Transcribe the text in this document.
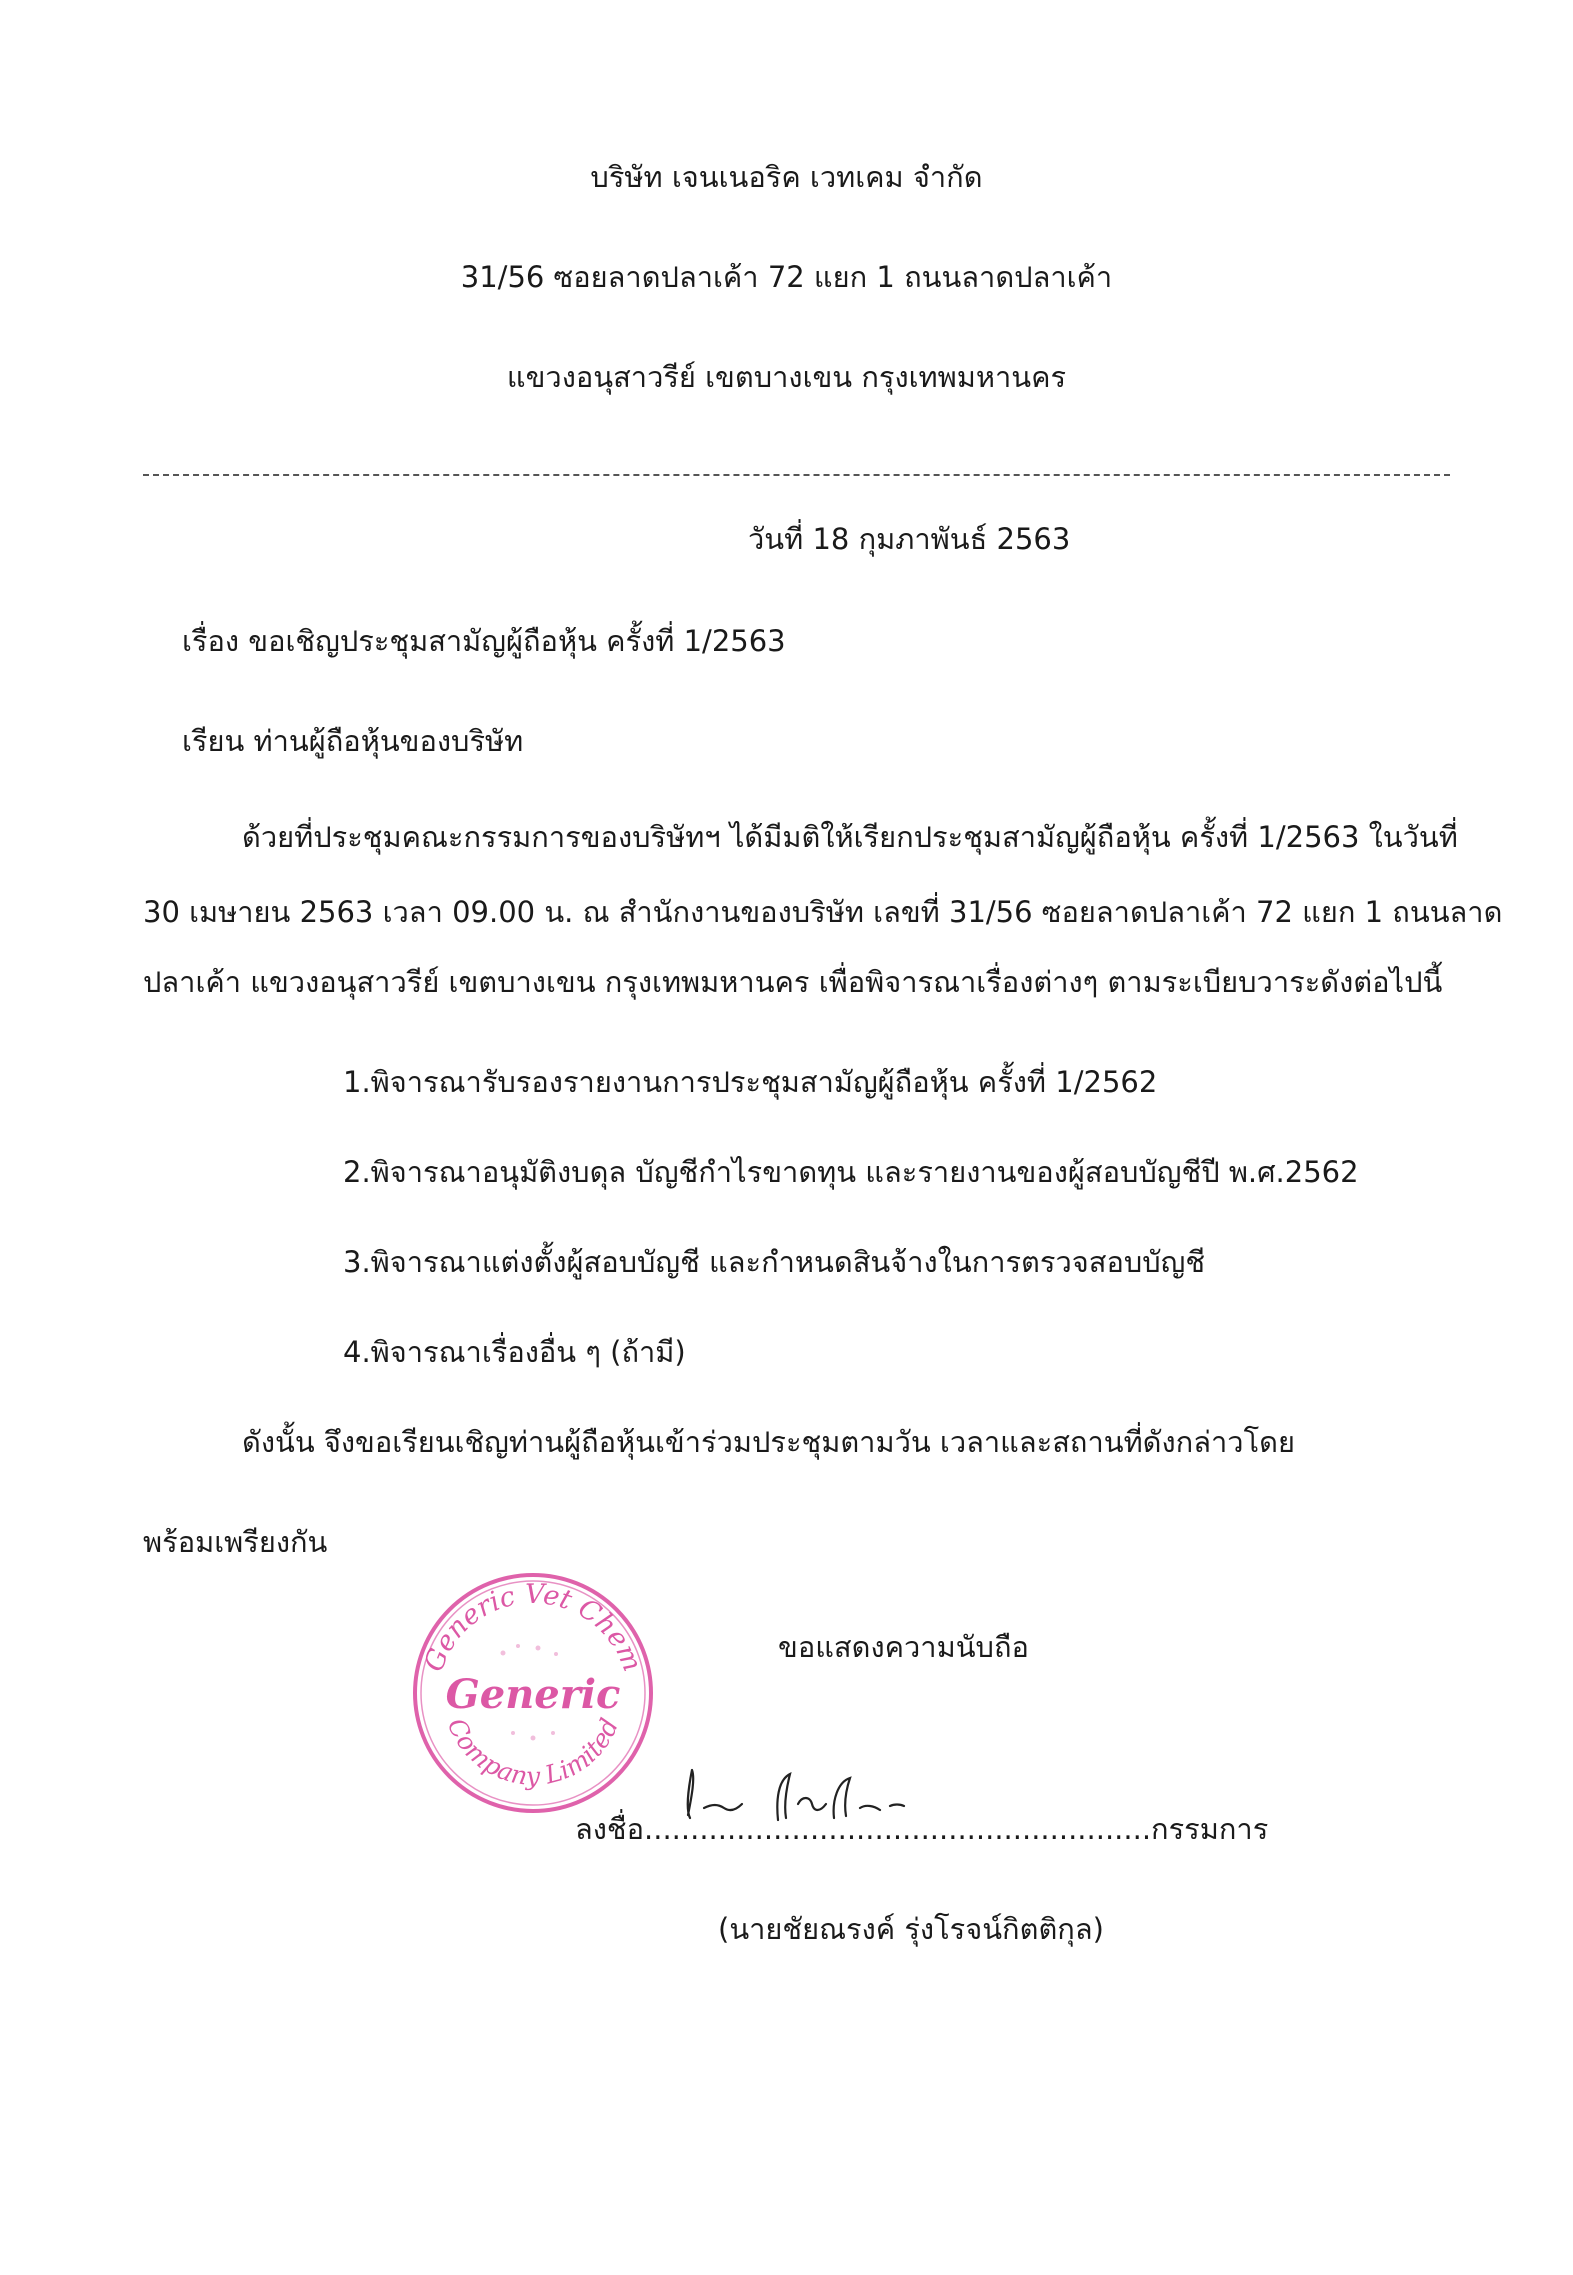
บริษัท เจนเนอริค เวทเคม จำกัด
31/56 ซอยลาดปลาเค้า 72 แยก 1 ถนนลาดปลาเค้า
แขวงอนุสาวรีย์ เขตบางเขน กรุงเทพมหานคร
วันที่ 18 กุมภาพันธ์ 2563
เรื่อง ขอเชิญประชุมสามัญผู้ถือหุ้น ครั้งที่ 1/2563
เรียน ท่านผู้ถือหุ้นของบริษัท
ด้วยที่ประชุมคณะกรรมการของบริษัทฯ ได้มีมติให้เรียกประชุมสามัญผู้ถือหุ้น ครั้งที่ 1/2563 ในวันที่
30 เมษายน 2563 เวลา 09.00 น. ณ สำนักงานของบริษัท เลขที่ 31/56 ซอยลาดปลาเค้า 72 แยก 1 ถนนลาด
ปลาเค้า แขวงอนุสาวรีย์ เขตบางเขน กรุงเทพมหานคร เพื่อพิจารณาเรื่องต่างๆ ตามระเบียบวาระดังต่อไปนี้
1.พิจารณารับรองรายงานการประชุมสามัญผู้ถือหุ้น ครั้งที่ 1/2562
2.พิจารณาอนุมัติงบดุล บัญชีกำไรขาดทุน และรายงานของผู้สอบบัญชีปี พ.ศ.2562
3.พิจารณาแต่งตั้งผู้สอบบัญชี และกำหนดสินจ้างในการตรวจสอบบัญชี
4.พิจารณาเรื่องอื่น ๆ (ถ้ามี)
ดังนั้น จึงขอเรียนเชิญท่านผู้ถือหุ้นเข้าร่วมประชุมตามวัน เวลาและสถานที่ดังกล่าวโดย
พร้อมเพรียงกัน
Generic Vet Chem
Generic
Company Limited
ขอแสดงความนับถือ
ลงชื่อ.......................................................กรรมการ
(นายชัยณรงค์ รุ่งโรจน์กิตติกุล)
